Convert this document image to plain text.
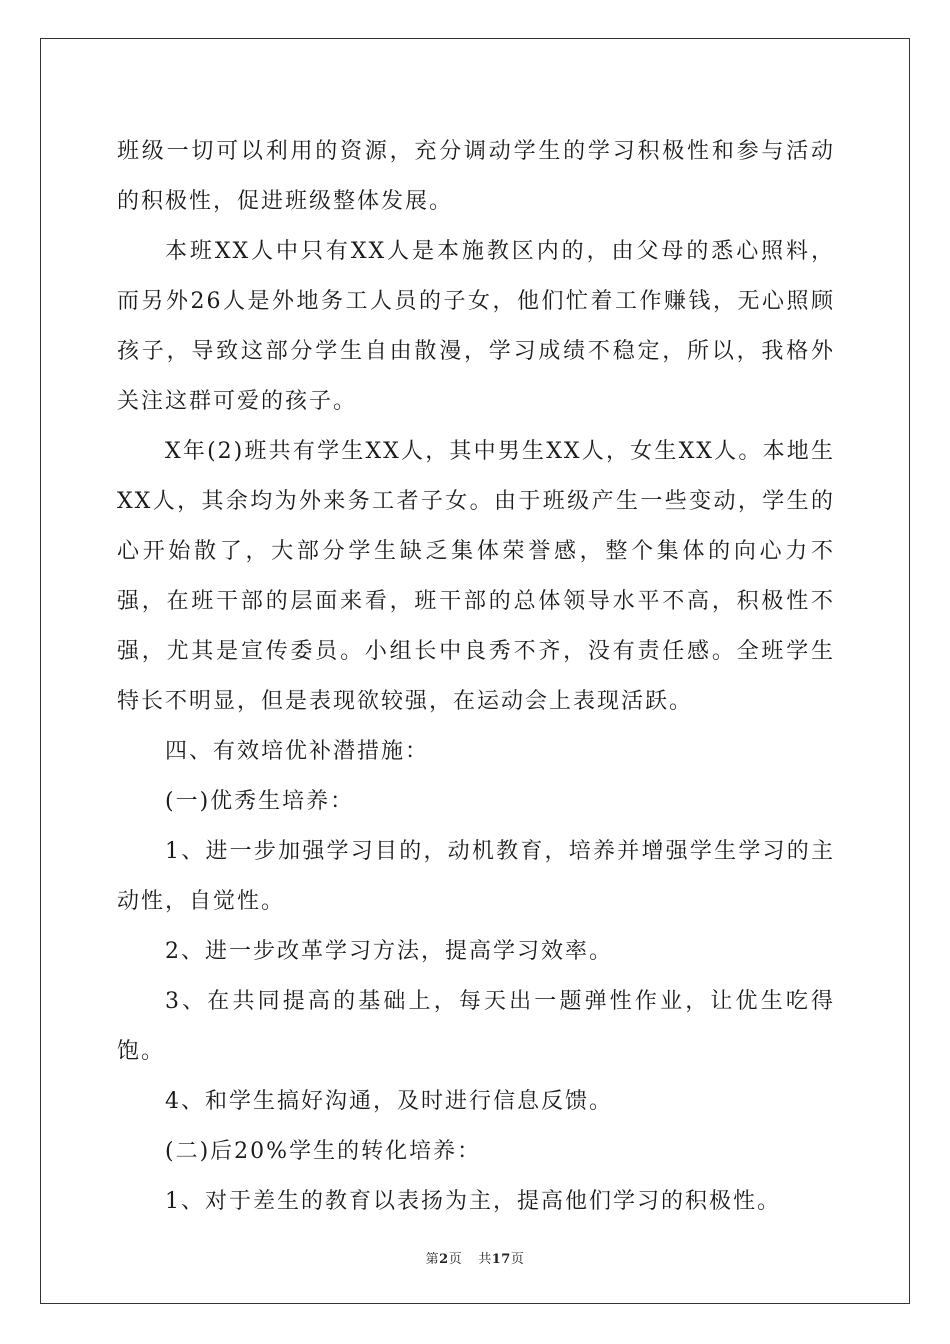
班级一切可以利用的资源，充分调动学生的学习积极性和参与活动的积极性，促进班级整体发展。

本班XX人中只有XX人是本施教区内的，由父母的悉心照料，而另外26人是外地务工人员的子女，他们忙着工作赚钱，无心照顾孩子，导致这部分学生自由散漫，学习成绩不稳定，所以，我格外关注这群可爱的孩子。

X年(2)班共有学生XX人，其中男生XX人，女生XX人。本地生XX人，其余均为外来务工者子女。由于班级产生一些变动，学生的心开始散了，大部分学生缺乏集体荣誉感，整个集体的向心力不强，在班干部的层面来看，班干部的总体领导水平不高，积极性不强，尤其是宣传委员。小组长中良秀不齐，没有责任感。全班学生特长不明显，但是表现欲较强，在运动会上表现活跃。

四、有效培优补潜措施：

(一)优秀生培养：

1、进一步加强学习目的，动机教育，培养并增强学生学习的主动性，自觉性。

2、进一步改革学习方法，提高学习效率。

3、在共同提高的基础上，每天出一题弹性作业，让优生吃得饱。

4、和学生搞好沟通，及时进行信息反馈。

(二)后20%学生的转化培养：

1、对于差生的教育以表扬为主，提高他们学习的积极性。

第2页 共17页
